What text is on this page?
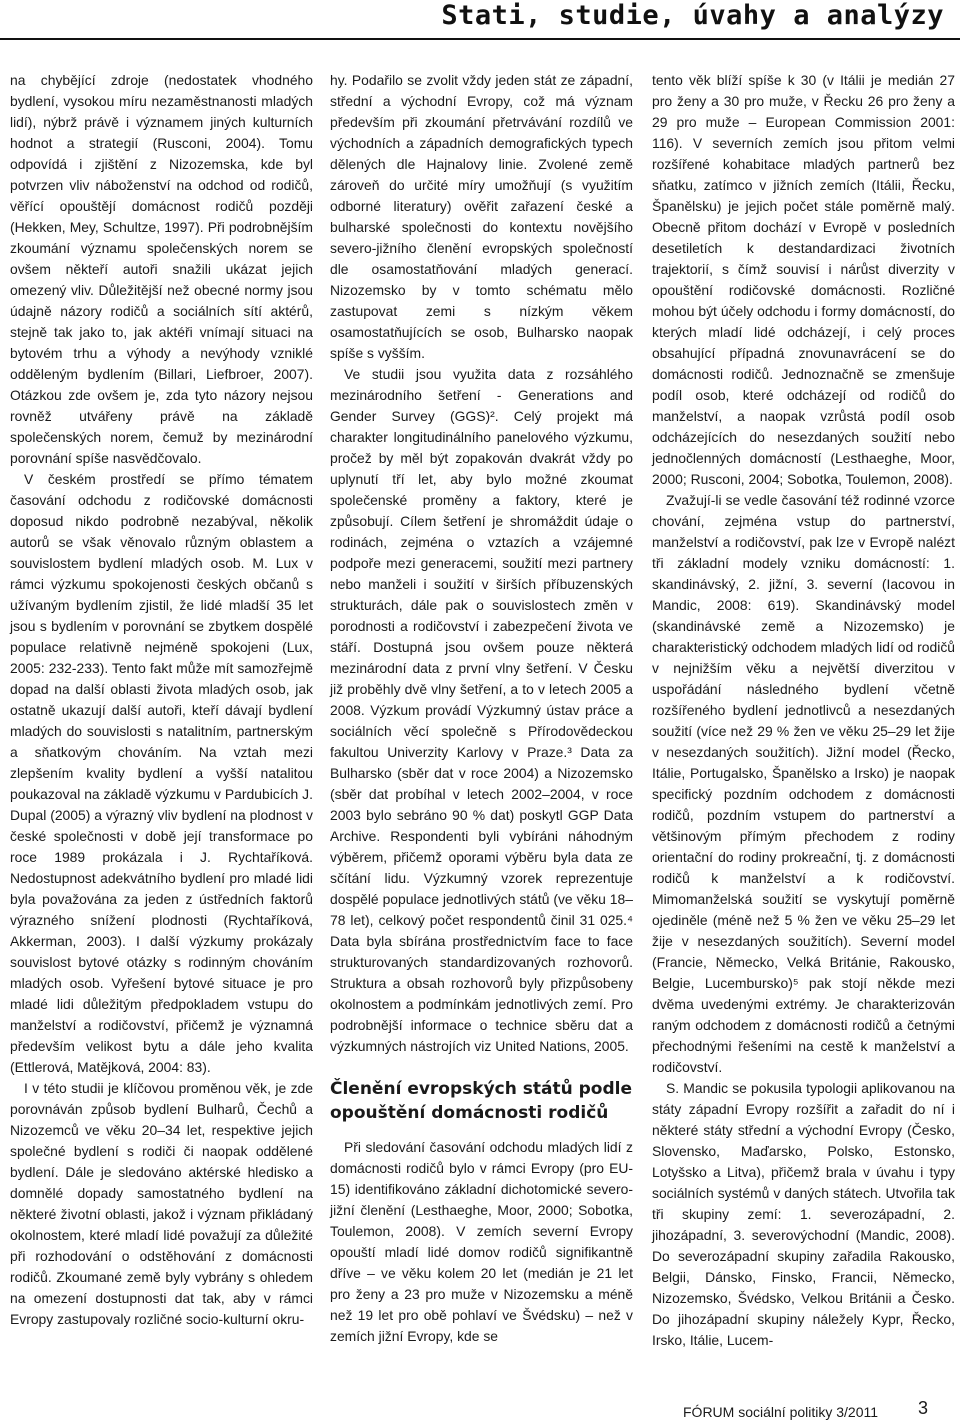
Stati, studie, úvahy a analýzy

na chybějící zdroje (nedostatek vhodného bydlení, vysokou míru nezaměstnanosti mladých lidí), nýbrž právě i významem jiných kulturních hodnot a strategií (Rusconi, 2004). Tomu odpovídá i zjištění z Nizozemska, kde byl potvrzen vliv náboženství na odchod od rodičů, věřící opouštějí domácnost rodičů později (Hekken, Mey, Schultze, 1997). Při podrobnějším zkoumání významu společenských norem se ovšem někteří autoři snažili ukázat jejich omezený vliv. Důležitější než obecné normy jsou údajně názory rodičů a sociálních sítí aktérů, stejně tak jako to, jak aktéři vnímají situaci na bytovém trhu a výhody a nevýhody vzniklé odděleným bydlením (Billari, Liefbroer, 2007). Otázkou zde ovšem je, zda tyto názory nejsou rovněž utvářeny právě na základě společenských norem, čemuž by mezinárodní porovnání spíše nasvědčovalo.

V českém prostředí se přímo tématem časování odchodu z rodičovské domácnosti doposud nikdo podrobně nezabýval, několik autorů se však věnovalo různým oblastem a souvislostem bydlení mladých osob. M. Lux v rámci výzkumu spokojenosti českých občanů s užívaným bydlením zjistil, že lidé mladší 35 let jsou s bydlením v porovnání se zbytkem dospělé populace relativně nejméně spokojeni (Lux, 2005: 232-233). Tento fakt může mít samozřejmě dopad na další oblasti života mladých osob, jak ostatně ukazují další autoři, kteří dávají bydlení mladých do souvislosti s natalitním, partnerským a sňatkovým chováním. Na vztah mezi zlepšením kvality bydlení a vyšší natalitou poukazoval na základě výzkumu v Pardubicích J. Dupal (2005) a výrazný vliv bydlení na plodnost v české společnosti v době její transformace po roce 1989 prokázala i J. Rychtaříková. Nedostupnost adekvátního bydlení pro mladé lidi byla považována za jeden z ústředních faktorů výrazného snížení plodnosti (Rychtaříková, Akkerman, 2003). I další výzkumy prokázaly souvislost bytové otázky s rodinným chováním mladých osob. Vyřešení bytové situace je pro mladé lidi důležitým předpokladem vstupu do manželství a rodičovství, přičemž je významná především velikost bytu a dále jeho kvalita (Ettlerová, Matějková, 2004: 83).

I v této studii je klíčovou proměnou věk, je zde porovnáván způsob bydlení Bulharů, Čechů a Nizozemců ve věku 20–34 let, respektive jejich společné bydlení s rodiči či naopak oddělené bydlení. Dále je sledováno aktérské hledisko a domnělé dopady samostatného bydlení na některé životní oblasti, jakož i význam přikládaný okolnostem, které mladí lidé považují za důležité při rozhodování o odstěhování z domácnosti rodičů. Zkoumané země byly vybrány s ohledem na omezení dostupnosti dat tak, aby v rámci Evropy zastupovaly rozličné socio-kulturní okru-

hy. Podařilo se zvolit vždy jeden stát ze západní, střední a východní Evropy, což má význam především při zkoumání přetrvávání rozdílů ve východních a západních demografických typech dělených dle Hajnalovy linie. Zvolené země zároveň do určité míry umožňují (s využitím odborné literatury) ověřit zařazení české a bulharské společnosti do kontextu novějšího severo-jižního členění evropských společností dle osamostatňování mladých generací. Nizozemsko by v tomto schématu mělo zastupovat zemi s nízkým věkem osamostatňujících se osob, Bulharsko naopak spíše s vyšším.

Ve studii jsou využita data z rozsáhlého mezinárodního šetření - Generations and Gender Survey (GGS)². Celý projekt má charakter longitudinálního panelového výzkumu, pročež by měl být zopakován dvakrát vždy po uplynutí tří let, aby bylo možné zkoumat společenské proměny a faktory, které je způsobují. Cílem šetření je shromáždit údaje o rodinách, zejména o vztazích a vzájemné podpoře mezi generacemi, soužití mezi partnery nebo manželi i soužití v širších příbuzenských strukturách, dále pak o souvislostech změn v porodnosti a rodičovství i zabezpečení života ve stáří. Dostupná jsou ovšem pouze některá mezinárodní data z první vlny šetření. V Česku již proběhly dvě vlny šetření, a to v letech 2005 a 2008. Výzkum provádí Výzkumný ústav práce a sociálních věcí společně s Přírodovědeckou fakultou Univerzity Karlovy v Praze.³ Data za Bulharsko (sběr dat v roce 2004) a Nizozemsko (sběr dat probíhal v letech 2002–2004, v roce 2003 bylo sebráno 90 % dat) poskytl GGP Data Archive. Respondenti byli vybíráni náhodným výběrem, přičemž oporami výběru byla data ze sčítání lidu. Výzkumný vzorek reprezentuje dospělé populace jednotlivých států (ve věku 18–78 let), celkový počet respondentů činil 31 025.⁴ Data byla sbírána prostřednictvím face to face strukturovaných standardizovaných rozhovorů. Struktura a obsah rozhovorů byly přizpůsobeny okolnostem a podmínkám jednotlivých zemí. Pro podrobnější informace o technice sběru dat a výzkumných nástrojích viz United Nations, 2005.

Členění evropských států podle opouštění domácnosti rodičů

Při sledování časování odchodu mladých lidí z domácnosti rodičů bylo v rámci Evropy (pro EU-15) identifikováno základní dichotomické severo-jižní členění (Lesthaeghe, Moor, 2000; Sobotka, Toulemon, 2008). V zemích severní Evropy opouští mladí lidé domov rodičů signifikantně dříve – ve věku kolem 20 let (medián je 21 let pro ženy a 23 pro muže v Nizozemsku a méně než 19 let pro obě pohlaví ve Švédsku) – než v zemích jižní Evropy, kde se

tento věk blíží spíše k 30 (v Itálii je medián 27 pro ženy a 30 pro muže, v Řecku 26 pro ženy a 29 pro muže – European Commission 2001: 116). V severních zemích jsou přitom velmi rozšířené kohabitace mladých partnerů bez sňatku, zatímco v jižních zemích (Itálii, Řecku, Španělsku) je jejich počet stále poměrně malý. Obecně přitom dochází v Evropě v posledních desetiletích k destandardizaci životních trajektorií, s čímž souvisí i nárůst diverzity v opouštění rodičovské domácnosti. Rozličné mohou být účely odchodu i formy domácností, do kterých mladí lidé odcházejí, i celý proces obsahující případná znovunavrácení se do domácnosti rodičů. Jednoznačně se zmenšuje podíl osob, které odcházejí od rodičů do manželství, a naopak vzrůstá podíl osob odcházejících do nesezdaných soužití nebo jednočlenných domácností (Lesthaeghe, Moor, 2000; Rusconi, 2004; Sobotka, Toulemon, 2008).

Zvažují-li se vedle časování též rodinné vzorce chování, zejména vstup do partnerství, manželství a rodičovství, pak lze v Evropě nalézt tři základní modely vzniku domácností: 1. skandinávský, 2. jižní, 3. severní (Iacovou in Mandic, 2008: 619). Skandinávský model (skandinávské země a Nizozemsko) je charakteristický odchodem mladých lidí od rodičů v nejnižším věku a největší diverzitou v uspořádání následného bydlení včetně rozšířeného bydlení jednotlivců a nesezdaných soužití (více než 29 % žen ve věku 25–29 let žije v nesezdaných soužitích). Jižní model (Řecko, Itálie, Portugalsko, Španělsko a Irsko) je naopak specifický pozdním odchodem z domácnosti rodičů, pozdním vstupem do partnerství a většinovým přímým přechodem z rodiny orientační do rodiny prokreační, tj. z domácnosti rodičů k manželství a k rodičovství. Mimomanželská soužití se vyskytují poměrně ojediněle (méně než 5 % žen ve věku 25–29 let žije v nesezdaných soužitích). Severní model (Francie, Německo, Velká Británie, Rakousko, Belgie, Lucembursko)⁵ pak stojí někde mezi dvěma uvedenými extrémy. Je charakterizován raným odchodem z domácnosti rodičů a četnými přechodnými řešeními na cestě k manželství a rodičovství.

S. Mandic se pokusila typologii aplikovanou na státy západní Evropy rozšířit a zařadit do ní i některé státy střední a východní Evropy (Česko, Slovensko, Maďarsko, Polsko, Estonsko, Lotyšsko a Litva), přičemž brala v úvahu i typy sociálních systémů v daných státech. Utvořila tak tři skupiny zemí: 1. severozápadní, 2. jihozápadní, 3. severovýchodní (Mandic, 2008). Do severozápadní skupiny zařadila Rakousko, Belgii, Dánsko, Finsko, Francii, Německo, Nizozemsko, Švédsko, Velkou Británii a Česko. Do jihozápadní skupiny náležely Kypr, Řecko, Irsko, Itálie, Lucem-

FÓRUM sociální politiky 3/2011 3
